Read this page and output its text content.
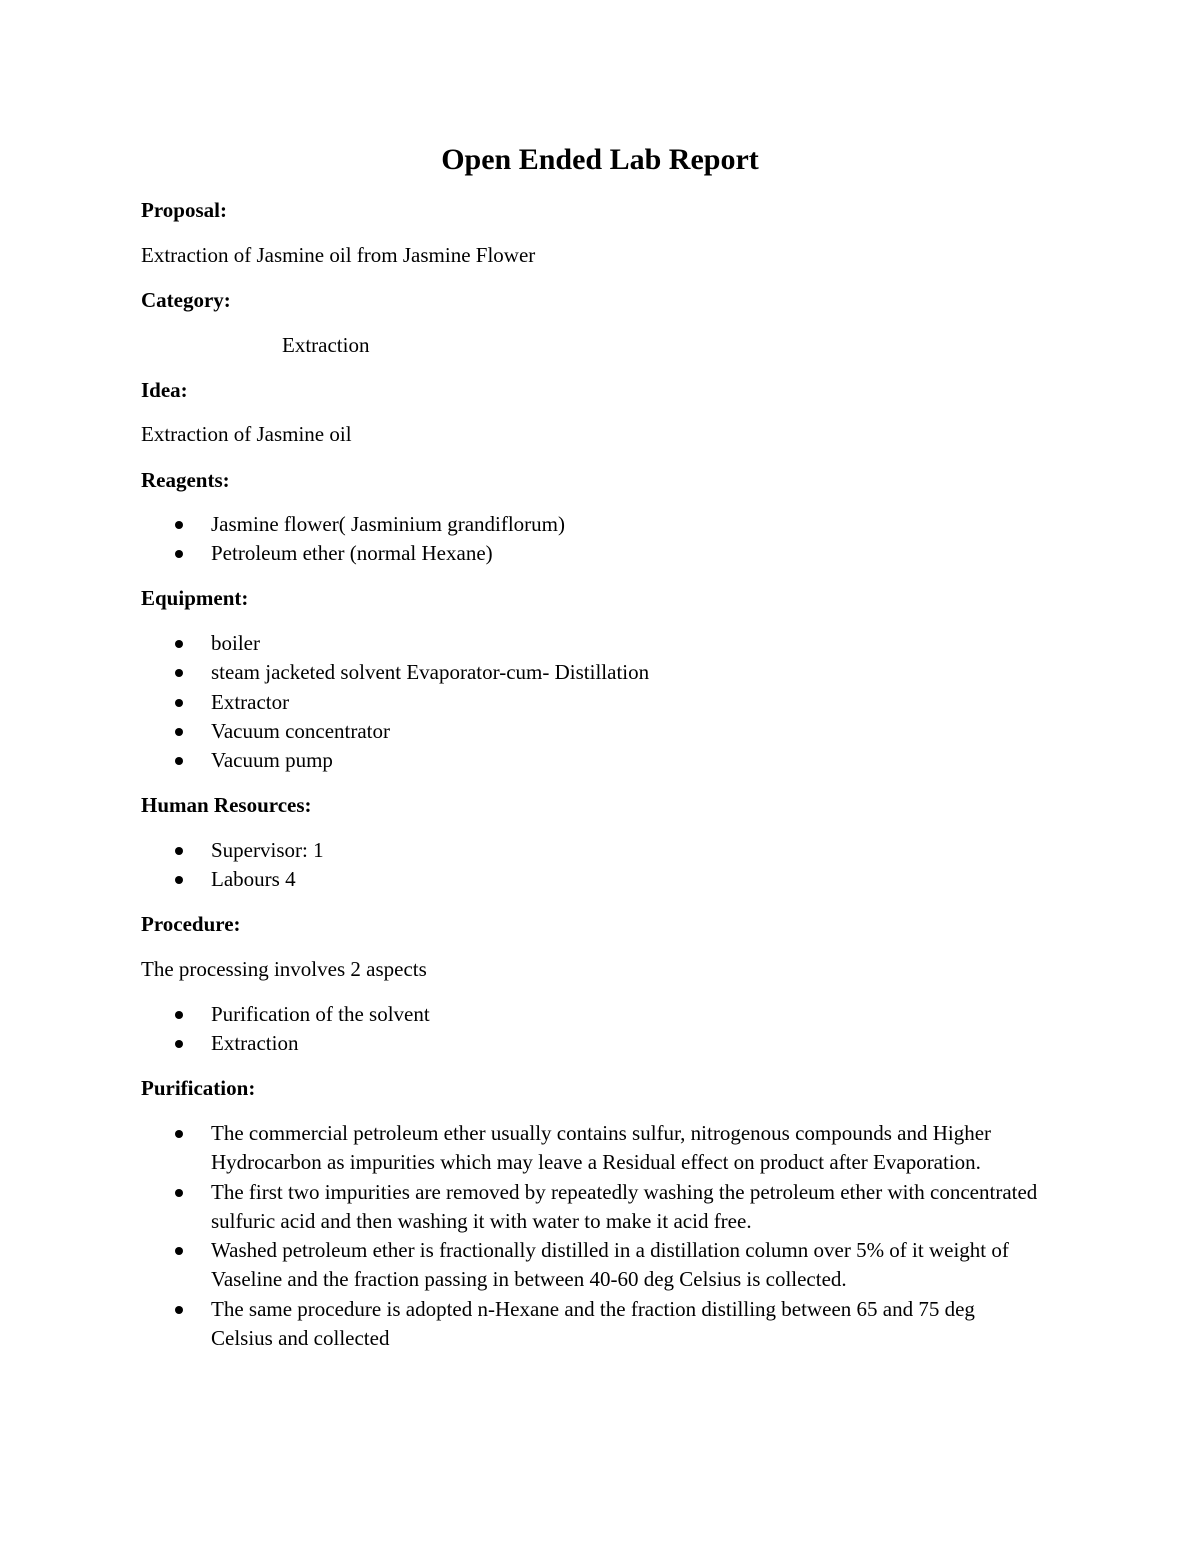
Open Ended Lab Report
Proposal:
Extraction of Jasmine oil from Jasmine Flower
Category:
Extraction
Idea:
Extraction of Jasmine oil
Reagents:
Jasmine flower( Jasminium grandiflorum)
Petroleum ether (normal Hexane)
Equipment:
boiler
steam jacketed solvent Evaporator-cum- Distillation
Extractor
Vacuum concentrator
Vacuum pump
Human Resources:
Supervisor: 1
Labours 4
Procedure:
The processing involves 2 aspects
Purification of the solvent
Extraction
Purification:
The commercial petroleum ether usually contains sulfur, nitrogenous compounds and Higher Hydrocarbon as impurities which may leave a Residual effect on product after Evaporation.
The first two impurities are removed by repeatedly washing the petroleum ether with concentrated sulfuric acid and then washing it with water to make it acid free.
Washed petroleum ether is fractionally distilled in a distillation column over 5% of it weight of Vaseline and the fraction passing in between 40-60 deg Celsius is collected.
The same procedure is adopted n-Hexane and the fraction distilling between 65 and 75 deg Celsius and collected
